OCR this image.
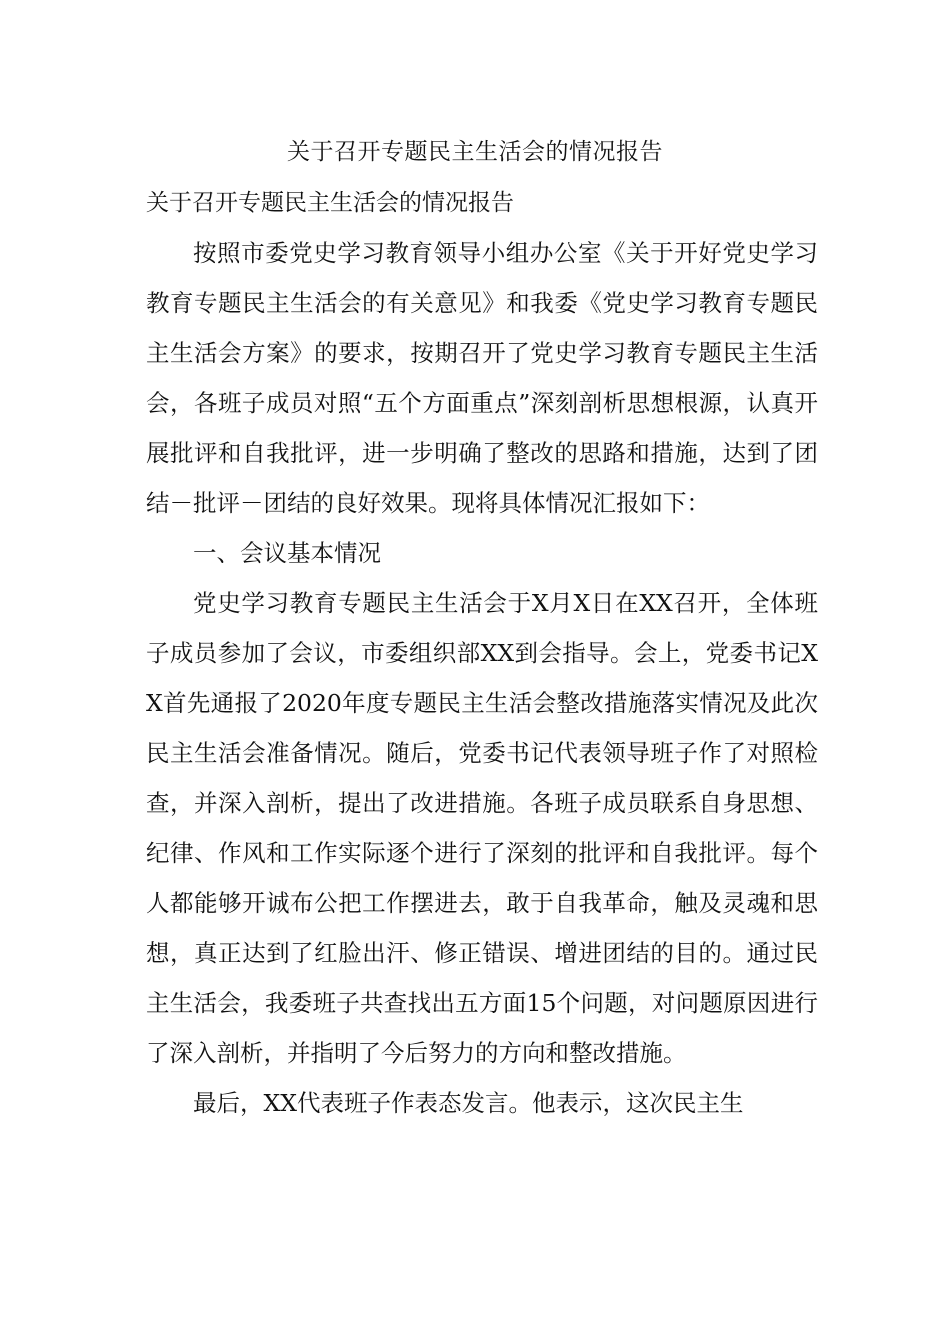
关于召开专题民主生活会的情况报告

关于召开专题民主生活会的情况报告

按照市委党史学习教育领导小组办公室《关于开好党史学习教育专题民主生活会的有关意见》和我委《党史学习教育专题民主生活会方案》的要求，按期召开了党史学习教育专题民主生活会，各班子成员对照“五个方面重点”深刻剖析思想根源，认真开展批评和自我批评，进一步明确了整改的思路和措施，达到了团结－批评－团结的良好效果。现将具体情况汇报如下：

一、会议基本情况

党史学习教育专题民主生活会于X月X日在XX召开，全体班子成员参加了会议，市委组织部XX到会指导。会上，党委书记XX首先通报了2020年度专题民主生活会整改措施落实情况及此次民主生活会准备情况。随后，党委书记代表领导班子作了对照检查，并深入剖析，提出了改进措施。各班子成员联系自身思想、纪律、作风和工作实际逐个进行了深刻的批评和自我批评。每个人都能够开诚布公把工作摆进去，敢于自我革命，触及灵魂和思想，真正达到了红脸出汗、修正错误、增进团结的目的。通过民主生活会，我委班子共查找出五方面15个问题，对问题原因进行了深入剖析，并指明了今后努力的方向和整改措施。

最后，XX代表班子作表态发言。他表示，这次民主生
